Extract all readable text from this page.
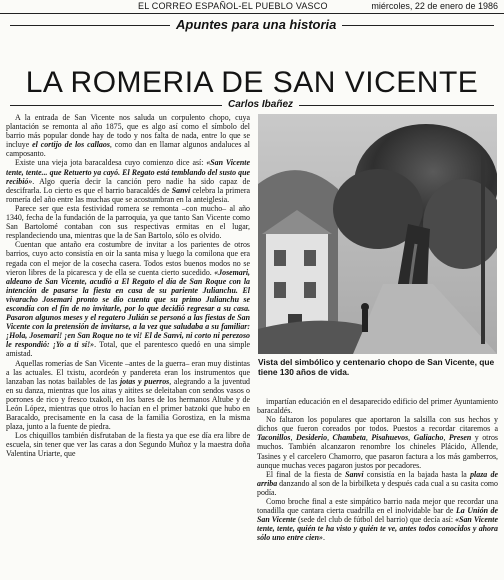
EL CORREO ESPAÑOL-EL PUEBLO VASCO	miércoles, 22 de enero de 1986
Apuntes para una historia
LA ROMERIA DE SAN VICENTE
Carlos Ibañez

A la entrada de San Vicente nos saluda un corpulento chopo, cuya plantación se remonta al año 1875, que es algo así como el símbolo del barrio más popular donde hay de todo y nos falta de nada, entre lo que se incluye el cortijo de los callaos, como dan en llamar algunos andaluces al camposanto.

Existe una vieja jota baracaldesa cuyo comienzo dice así: «San Vicente tente, tente... que Retuerto ya cayó. El Regato está temblando del susto que recibió». Algo quería decir la canción pero nadie ha sido capaz de descifrarla. Lo cierto es que el barrio baracaldés de Sanvi celebra la primera romería del año entre las muchas que se acostumbran en la anteiglesia.

Parece ser que esta festividad romera se remonta –con mucho– al año 1340, fecha de la fundación de la parroquia, ya que tanto San Vicente como San Bartolomé contaban con sus respectivas ermitas en el lugar, resplandeciendo una, mientras que la de San Bartolo, sólo es olvido.

Cuentan que antaño era costumbre de invitar a los parientes de otros barrios, cuyo acto consistía en oir la santa misa y luego la comilona que era regada con el mejor de la cosecha casera. Todos estos buenos modos no se vieron libres de la picaresca y de ella se cuenta cierto sucedido. «Josemari, aldeano de San Vicente, acudió a El Regato el día de San Roque con la intención de pasarse la fiesta en casa de su pariente Julianchu. El vivaracho Josemari pronto se dio cuenta que su primo Julianchu se escondía con el fin de no invitarle, por lo que decidió regresar a su casa. Pasaron algunos meses y el regatero Julián se personó a las fiestas de San Vicente con la pretensión de invitarse, a la vez que saludaba a su familiar: ¡Hola, Josemari! ¡en San Roque no te vi! El de Sanvi, ni corto ni perezoso le respondió: ¡Yo a ti sí!». Total, que el parentesco quedó en una simple amistad.

Aquellas romerías de San Vicente –antes de la guerra– eran muy distintas a las actuales. El txistu, acordeón y pandereta eran los instrumentos que lanzaban las notas bailables de las jotas y puerros, alegrando a la juventud en su danza, mientras que los aitas y aitites se deleitaban con sendos vasos o porrones de rico y fresco txakoli, en los bares de los hermanos Altube y de León López, mientras que otros lo hacían en el primer batzoki que hubo en Baracaldo, precisamente en la casa de la familia Gorostiza, en la misma plaza, junto a la fuente de piedra.

Los chiquillos también disfrutaban de la fiesta ya que ese día era libre de escuela, sin tener que ver las caras a don Segundo Muñoz y la maestra doña Valentina Uriarte, que

Vista del simbólico y centenario chopo de San Vicente, que tiene 130 años de vida.

impartían educación en el desaparecido edificio del primer Ayuntamiento baracaldés.

No faltaron los populares que aportaron la salsilla con sus hechos y dichos que fueron coreados por todos. Puestos a recordar citaremos a Taconillos, Desiderio, Chambeta, Pisahuevos, Galiacho, Presen y otros muchos. También alcanzaron renombre los chineles Plácido, Allende, Tasines y el carcelero Chamorro, que pasaron factura a los más gamberros, aunque muchas veces pagaron justos por pecadores.

El final de la fiesta de Sanvi consistía en la bajada hasta la plaza de arriba danzando al son de la birbilketa y después cada cual a su casita como podía.

Como broche final a este simpático barrio nada mejor que recordar una tonadilla que cantara cierta cuadrilla en el inolvidable bar de La Unión de San Vicente (sede del club de fútbol del barrio) que decía así: «San Vicente tente, tente, quién te ha visto y quién te ve, antes todos conocidos y ahora sólo uno entre cien».
